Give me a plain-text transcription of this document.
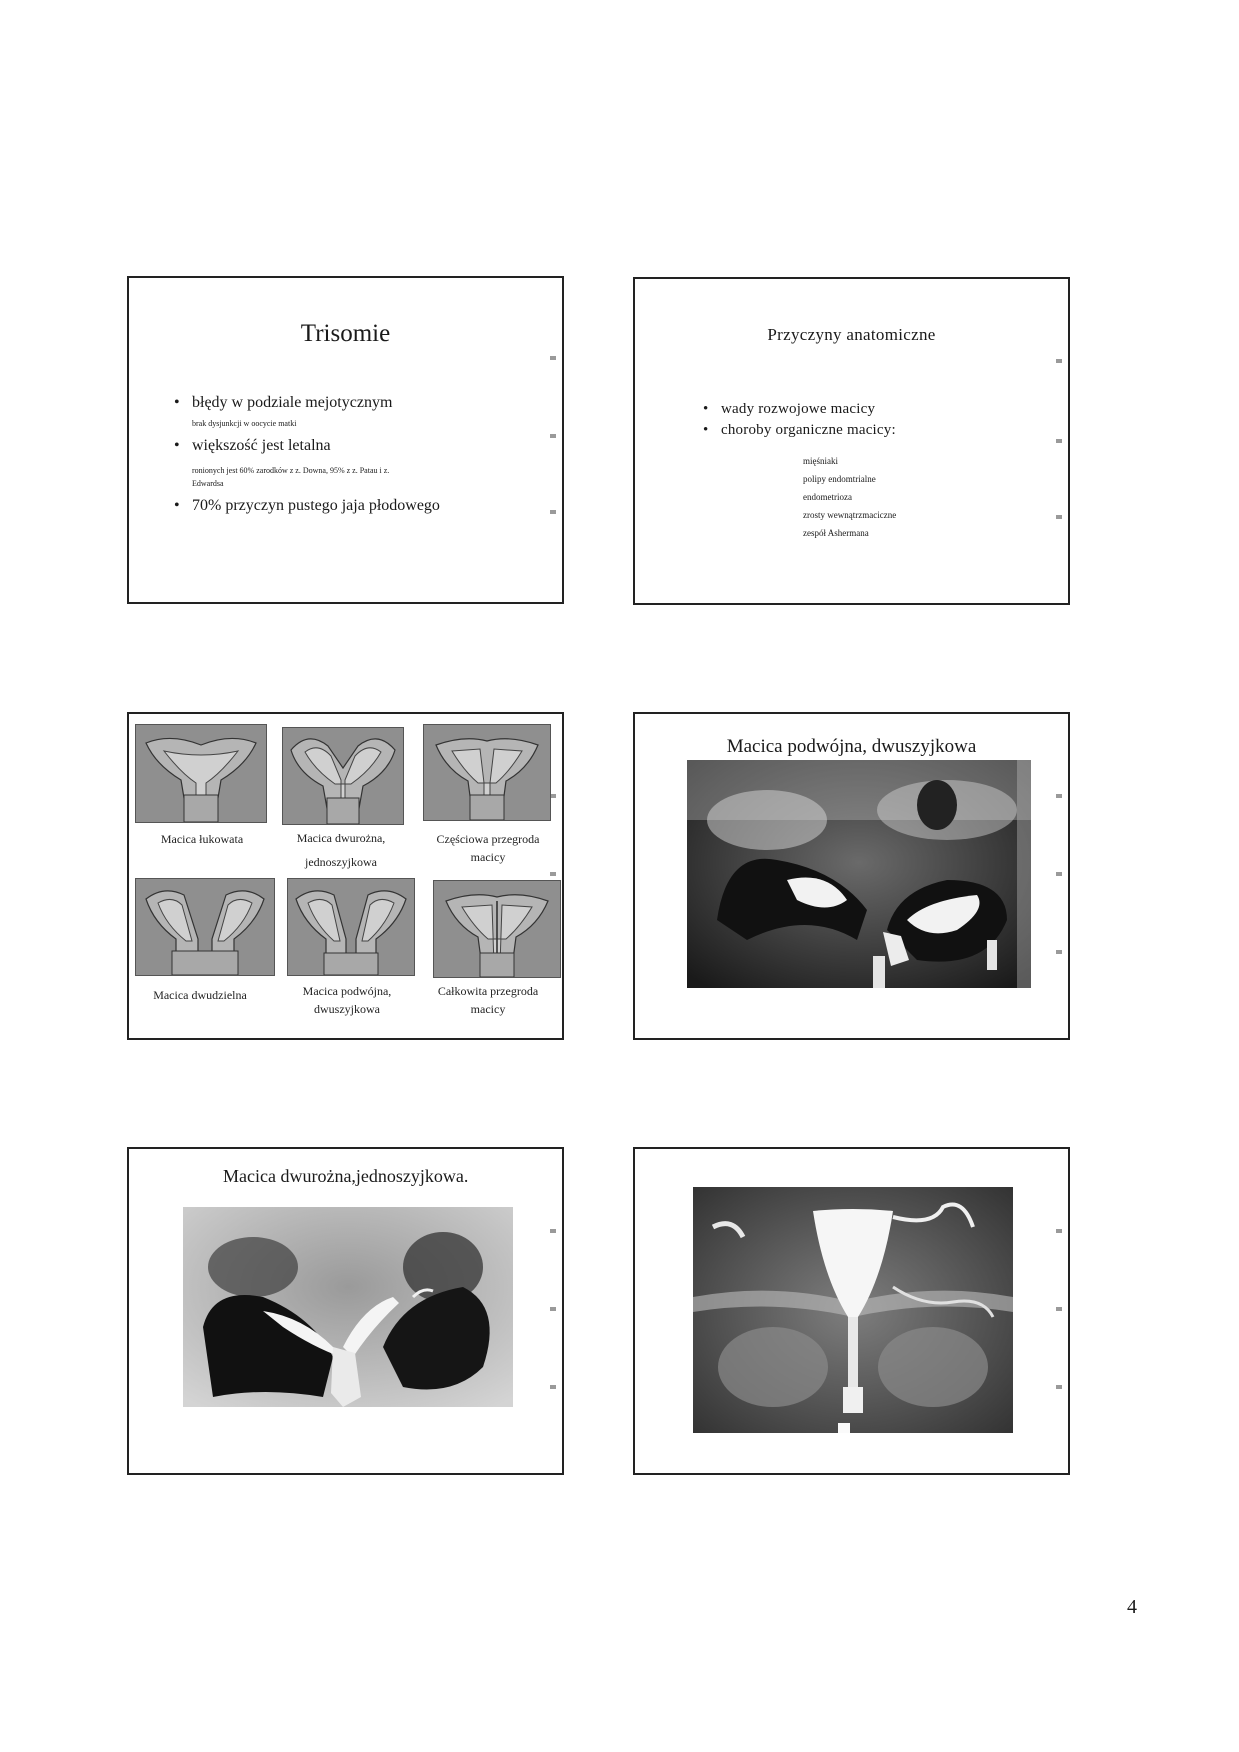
Trisomie
• błędy w podziale mejotycznym
brak dysjunkcji w oocycie matki
• większość jest letalna
ronionych jest 60% zarodków z z. Downa, 95% z z. Patau i z. Edwardsa
• 70% przyczyn pustego jaja płodowego
Przyczyny anatomiczne
• wady rozwojowe macicy
• choroby organiczne macicy:
mięśniaki
polipy endomtrialne
endometrioza
zrosty wewnątrzmaciczne
zespół Ashermana
Macica łukowata	Macica dwurożna, jednoszyjkowa
Częściowa przegroda macicy
Macica dwudzielna	Macica podwójna, dwuszyjkowa
Całkowita przegroda macicy
Macica podwójna, dwuszyjkowa
Macica dwurożna,jednoszyjkowa.
4
